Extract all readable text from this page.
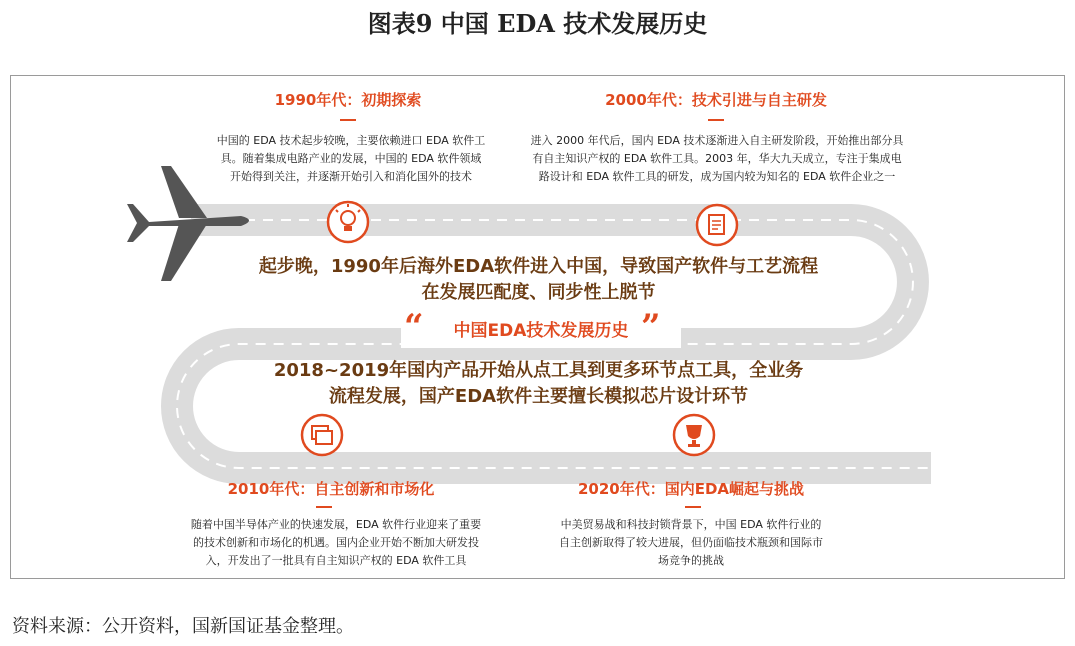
图表9 中国 EDA 技术发展历史
1990年代：初期探索
中国的 EDA 技术起步较晚，主要依赖进口 EDA 软件工
具。随着集成电路产业的发展，中国的 EDA 软件领域
开始得到关注，并逐渐开始引入和消化国外的技术
2000年代：技术引进与自主研发
进入 2000 年代后，国内 EDA 技术逐渐进入自主研发阶段，开始推出部分具
有自主知识产权的 EDA 软件工具。2003 年，华大九天成立，专注于集成电
路设计和 EDA 软件工具的研发，成为国内较为知名的 EDA 软件企业之一
起步晚，1990年后海外EDA软件进入中国，导致国产软件与工艺流程
在发展匹配度、同步性上脱节
中国EDA技术发展历史
“	”
2018~2019年国内产品开始从点工具到更多环节点工具，全业务
流程发展，国产EDA软件主要擅长模拟芯片设计环节
2010年代：自主创新和市场化
随着中国半导体产业的快速发展，EDA 软件行业迎来了重要
的技术创新和市场化的机遇。国内企业开始不断加大研发投
入，开发出了一批具有自主知识产权的 EDA 软件工具
2020年代：国内EDA崛起与挑战
中美贸易战和科技封锁背景下，中国 EDA 软件行业的
自主创新取得了较大进展，但仍面临技术瓶颈和国际市
场竞争的挑战
资料来源：公开资料，国新国证基金整理。
